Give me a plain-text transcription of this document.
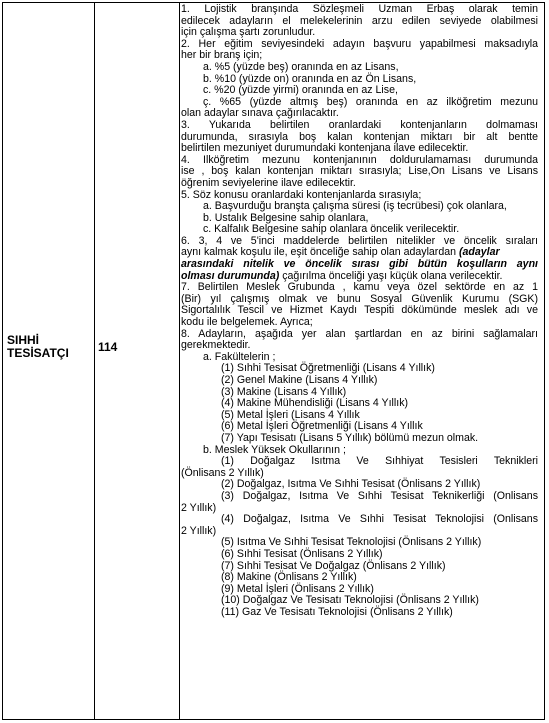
SIHHİ
TESİSATÇI 114
1. Lojistik branşında Sözleşmeli Uzman Erbaş olarak temin
edilecek adayların el melekelerinin arzu edilen seviyede olabilmesi
için çalışma şartı zorunludur.
2. Her eğitim seviyesindeki adayın başvuru yapabilmesi maksadıyla
her bir branş için;
a. %5 (yüzde beş) oranında en az Lisans,
b. %10 (yüzde on) oranında en az Ön Lisans,
c. %20 (yüzde yirmi) oranında en az Lise,
ç. %65 (yüzde altmış beş) oranında en az ilköğretim mezunu
olan adaylar sınava çağırılacaktır.
3. Yukarıda belirtilen oranlardaki kontenjanların dolmaması
durumunda, sırasıyla boş kalan kontenjan miktarı bir alt bentte
belirtilen mezuniyet durumundaki kontenjana ilave edilecektir.
4. İlköğretim mezunu kontenjanının doldurulamaması durumunda
ise , boş kalan kontenjan miktarı sırasıyla; Lise,Ön Lisans ve Lisans
öğrenim seviyelerine ilave edilecektir.
5. Söz konusu oranlardaki kontenjanlarda sırasıyla;
a. Başvurduğu branşta çalışma süresi (iş tecrübesi) çok olanlara,
b. Ustalık Belgesine sahip olanlara,
c. Kalfalık Belgesine sahip olanlara öncelik verilecektir.
6. 3, 4 ve 5'inci maddelerde belirtilen nitelikler ve öncelik sıraları
aynı kalmak koşulu ile, eşit önceliğe sahip olan adaylardan (adaylar
arasındaki nitelik ve öncelik sırası gibi bütün koşulların aynı
olması durumunda) çağırılma önceliği yaşı küçük olana verilecektir.
7. Belirtilen Meslek Grubunda , kamu veya özel sektörde en az 1
(Bir) yıl çalışmış olmak ve bunu Sosyal Güvenlik Kurumu (SGK)
Sigortalılık Tescil ve Hizmet Kaydı Tespiti dökümünde meslek adı ve
kodu ile belgelemek. Ayrıca;
8. Adayların, aşağıda yer alan şartlardan en az birini sağlamaları
gerekmektedir.
a. Fakültelerin ;
(1) Sıhhi Tesisat Öğretmenliği (Lisans 4 Yıllık)
(2) Genel Makine (Lisans 4 Yıllık)
(3) Makine (Lisans 4 Yıllık)
(4) Makine Mühendisliği (Lisans 4 Yıllık)
(5) Metal İşleri (Lisans 4 Yıllık
(6) Metal İşleri Öğretmenliği (Lisans 4 Yıllık
(7) Yapı Tesisatı (Lisans 5 Yıllık) bölümü mezun olmak.
b. Meslek Yüksek Okullarının ;
(1) Doğalgaz Isıtma Ve Sıhhiyat Tesisleri Teknikleri
(Önlisans 2 Yıllık)
(2) Doğalgaz, Isıtma Ve Sıhhi Tesisat (Önlisans 2 Yıllık)
(3) Doğalgaz, Isıtma Ve Sıhhi Tesisat Teknikerliği (Önlisans
2 Yıllık)
(4) Doğalgaz, Isıtma Ve Sıhhi Tesisat Teknolojisi (Önlisans
2 Yıllık)
(5) Isıtma Ve Sıhhi Tesisat Teknolojisi (Önlisans 2 Yıllık)
(6) Sıhhi Tesisat (Önlisans 2 Yıllık)
(7) Sıhhi Tesisat Ve Doğalgaz (Önlisans 2 Yıllık)
(8) Makine (Önlisans 2 Yıllık)
(9) Metal İşleri (Önlisans 2 Yıllık)
(10) Doğalgaz Ve Tesisatı Teknolojisi (Önlisans 2 Yıllık)
(11) Gaz Ve Tesisatı Teknolojisi (Önlisans 2 Yıllık)
